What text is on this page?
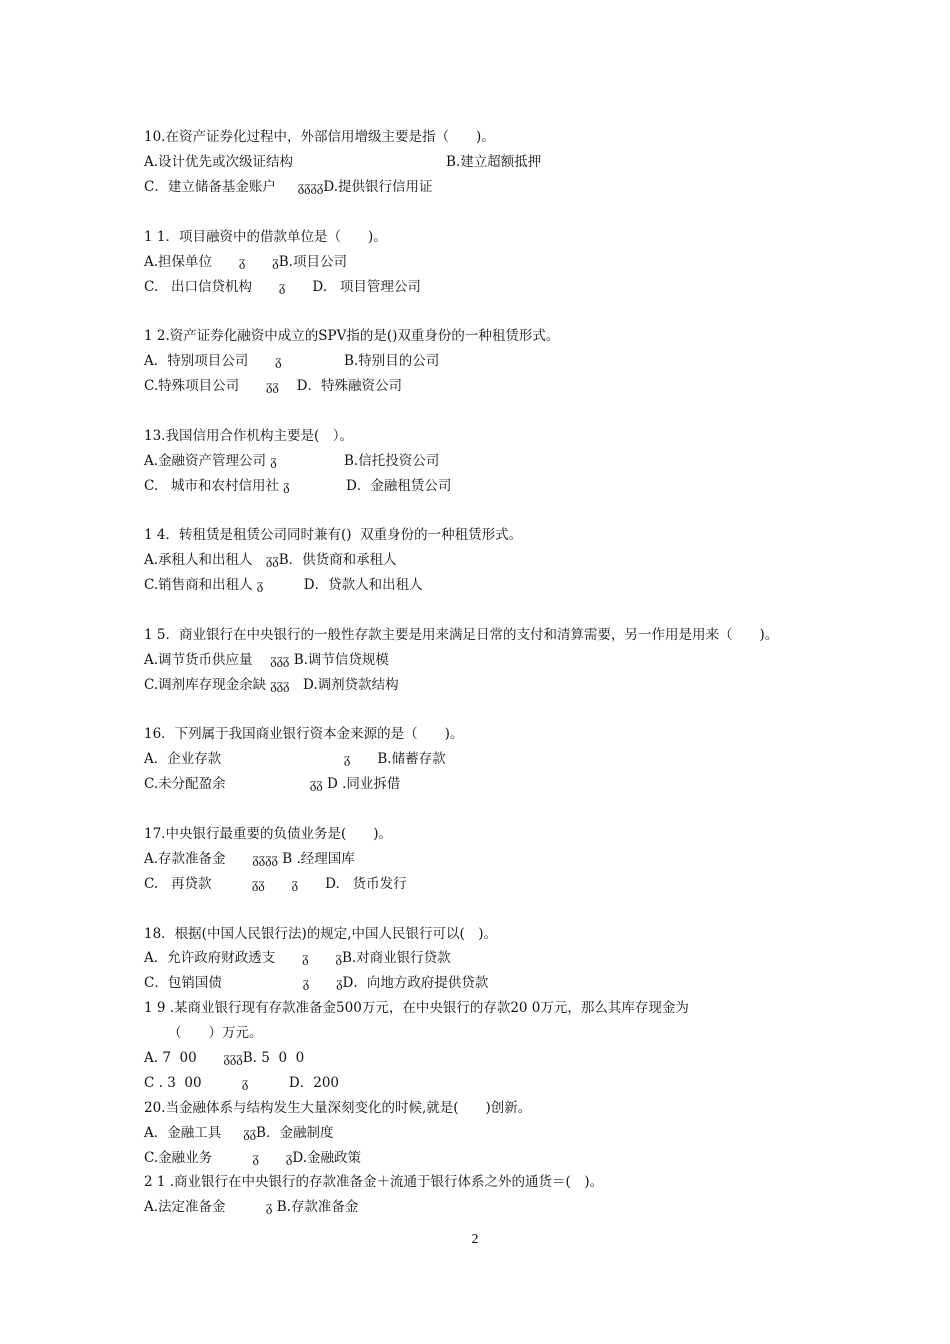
10.在资产证券化过程中，外部信用增级主要是指（　　)。
A.设计优先或次级证结构	B.建立超额抵押
C．建立储备基金账户　  ᵹᵹᵹᵹD.提供银行信用证
1 1．项目融资中的借款单位是（　　)。
A.担保单位　　ᵹ　　ᵹB.项目公司
C.   出口信贷机构　　ᵹ　　D.   项目管理公司
1 2.资产证券化融资中成立的SPV指的是()双重身份的一种租赁形式。
A．特别项目公司　　ᵹ	B.特别目的公司
C.特殊项目公司　　ᵹᵹ　 D．特殊融资公司
13.我国信用合作机构主要是(　）。
A.金融资产管理公司 ᵹ	B.信托投资公司
C.   城市和农村信用社 ᵹ	D．金融租赁公司
1 4．转租赁是租赁公司同时兼有()  双重身份的一种租赁形式。
A.承租人和出租人　ᵹᵹB．供货商和承租人
C.销售商和出租人 ᵹ　　　D．贷款人和出租人
1 5．商业银行在中央银行的一般性存款主要是用来满足日常的支付和清算需要，另一作用是用来（　　)。
A.调节货币供应量　 ᵹᵹᵹ B.调节信贷规模
C.调剂库存现金余缺 ᵹᵹᵹ　D.调剂贷款结构
16．下列属于我国商业银行资本金来源的是（　　)。
A．企业存款	ᵹ　　B.储蓄存款
C.未分配盈余	ᵹᵹ D .同业拆借
17.中央银行最重要的负债业务是(　　)。
A.存款准备金　　ᵹᵹᵹᵹ B .经理国库
C.   再贷款　　　ᵹᵹ　　ᵹ　　D.   货币发行
18．根据(中国人民银行法)的规定,中国人民银行可以(　)。
A．允许政府财政透支　　ᵹ　　ᵹB.对商业银行贷款
C．包销国债　　　　　　ᵹ　　ᵹD．向地方政府提供贷款
1 9 .某商业银行现有存款准备金500万元，在中央银行的存款20 0万元，那么其库存现金为
（　　）万元。
A. 7  00　　ᵹᵹᵹB. 5  0  0
C . 3  00　　　ᵹ　　　D．200
20.当金融体系与结构发生大量深刻变化的时候,就是(　　)创新。
A．金融工具　  ᵹᵹB．金融制度
C.金融业务　　　ᵹ　　ᵹD.金融政策
2 1 .商业银行在中央银行的存款准备金＋流通于银行体系之外的通货＝(　)。
A.法定准备金　　　ᵹ B.存款准备金
2
